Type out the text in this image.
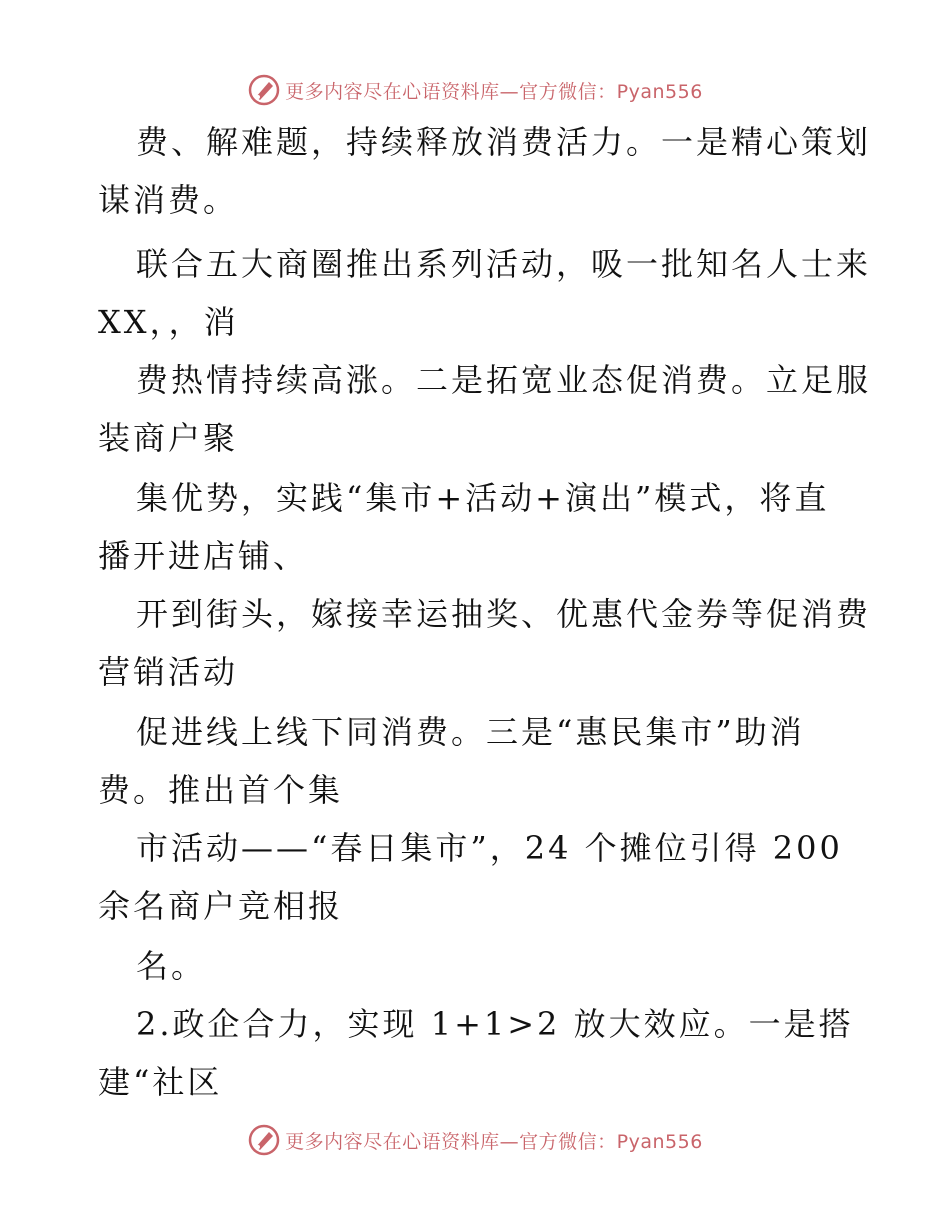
更多内容尽在心语资料库—官方微信：Pyan556
费、解难题，持续释放消费活力。一是精心策划
谋消费。
联合五大商圈推出系列活动，吸一批知名人士来
XX，，消
费热情持续高涨。二是拓宽业态促消费。立足服
装商户聚
集优势，实践“集市+活动+演出”模式，将直
播开进店铺、
开到街头，嫁接幸运抽奖、优惠代金券等促消费
营销活动
促进线上线下同消费。三是“惠民集市”助消
费。推出首个集
市活动——“春日集市”，24 个摊位引得 200
余名商户竞相报
名。
2.政企合力，实现 1+1>2 放大效应。一是搭
建“社区
更多内容尽在心语资料库—官方微信：Pyan556
